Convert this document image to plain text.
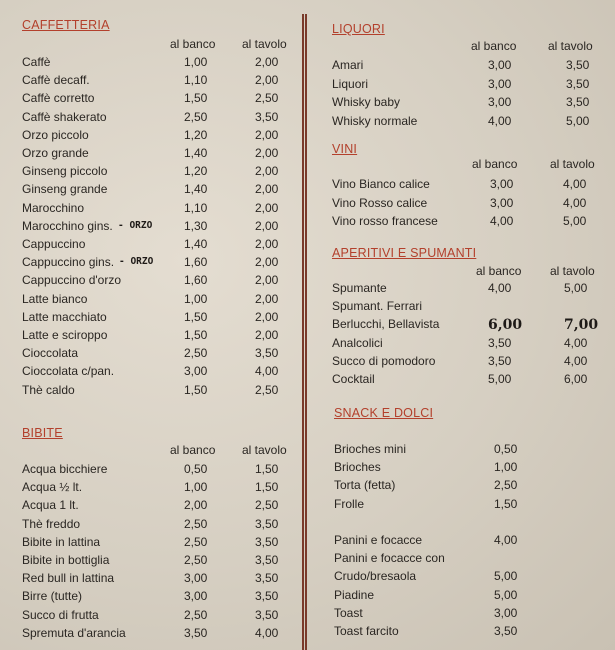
CAFFETTERIA
al banco al tavolo
Caffè	1,00	2,00
Caffè decaff.	1,10	2,00
Caffè corretto	1,50	2,50
Caffè shakerato	2,50	3,50
Orzo piccolo	1,20	2,00
Orzo grande	1,40	2,00
Ginseng piccolo	1,20	2,00
Ginseng grande	1,40	2,00
Marocchino	1,10	2,00
Marocchino gins. - ORZO	1,30	2,00
Cappuccino	1,40	2,00
Cappuccino gins. - ORZO	1,60	2,00
Cappuccino d'orzo	1,60	2,00
Latte bianco	1,00	2,00
Latte macchiato	1,50	2,00
Latte e sciroppo	1,50	2,00
Cioccolata	2,50	3,50
Cioccolata c/pan.	3,00	4,00
Thè caldo	1,50	2,50
BIBITE
al banco al tavolo
Acqua bicchiere	0,50	1,50
Acqua ½ lt.	1,00	1,50
Acqua 1 lt.	2,00	2,50
Thè freddo	2,50	3,50
Bibite in lattina	2,50	3,50
Bibite in bottiglia	2,50	3,50
Red bull in lattina	3,00	3,50
Birre (tutte)	3,00	3,50
Succo di frutta	2,50	3,50
Spremuta d'arancia	3,50	4,00
LIQUORI
al banco	al tavolo
Amari	3,00	3,50
Liquori	3,00	3,50
Whisky baby	3,00	3,50
Whisky normale	4,00	5,00
VINI
al banco	al tavolo
Vino Bianco calice	3,00	4,00
Vino Rosso calice	3,00	4,00
Vino rosso francese	4,00	5,00
APERITIVI E SPUMANTI
al banco al tavolo
Spumante	4,00	5,00
Spumant. Ferrari
Berlucchi, Bellavista	6,00	7,00
Analcolici	3,50	4,00
Succo di pomodoro	3,50	4,00
Cocktail	5,00	6,00
SNACK E DOLCI
Brioches mini	0,50
Brioches	1,00
Torta (fetta)	2,50
Frolle	1,50
Panini e focacce	4,00
Panini e focacce con
Crudo/bresaola	5,00
Piadine	5,00
Toast	3,00
Toast farcito	3,50
